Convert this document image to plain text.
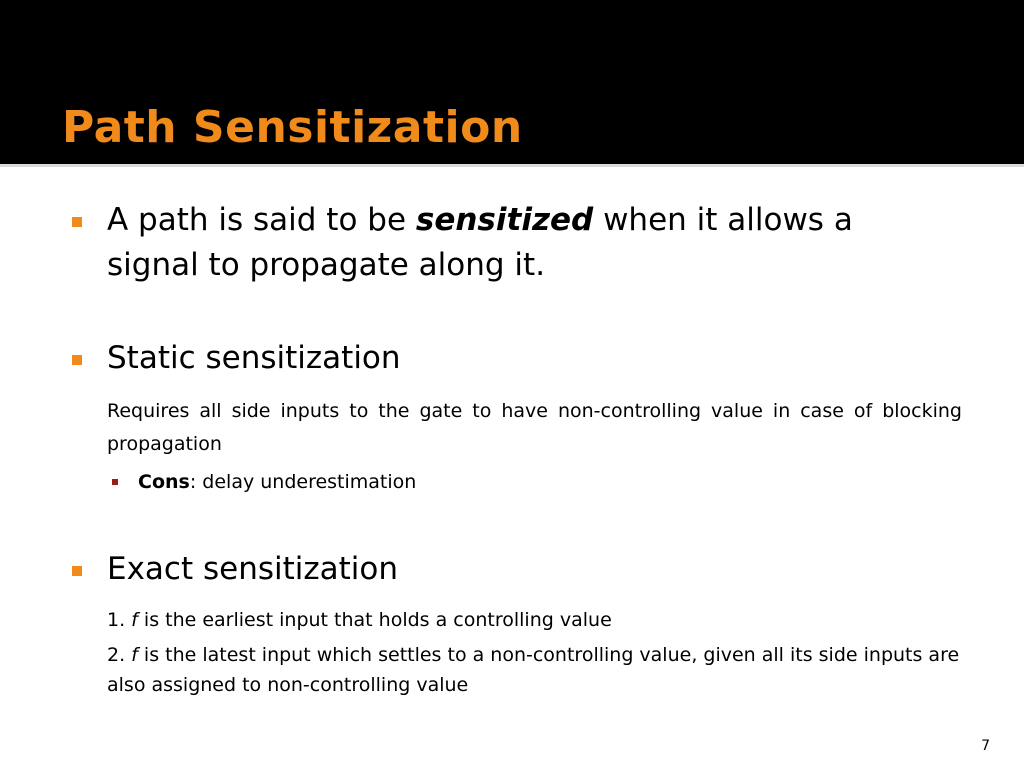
Path Sensitization
A path is said to be sensitized when it allows a
signal to propagate along it.
Static sensitization
Requires all side inputs to the gate to have non-controlling value in case of blocking propagation
Cons: delay underestimation
Exact sensitization
1. f is the earliest input that holds a controlling value
2. f is the latest input which settles to a non-controlling value, given all its side inputs are also assigned to non-controlling value
7
